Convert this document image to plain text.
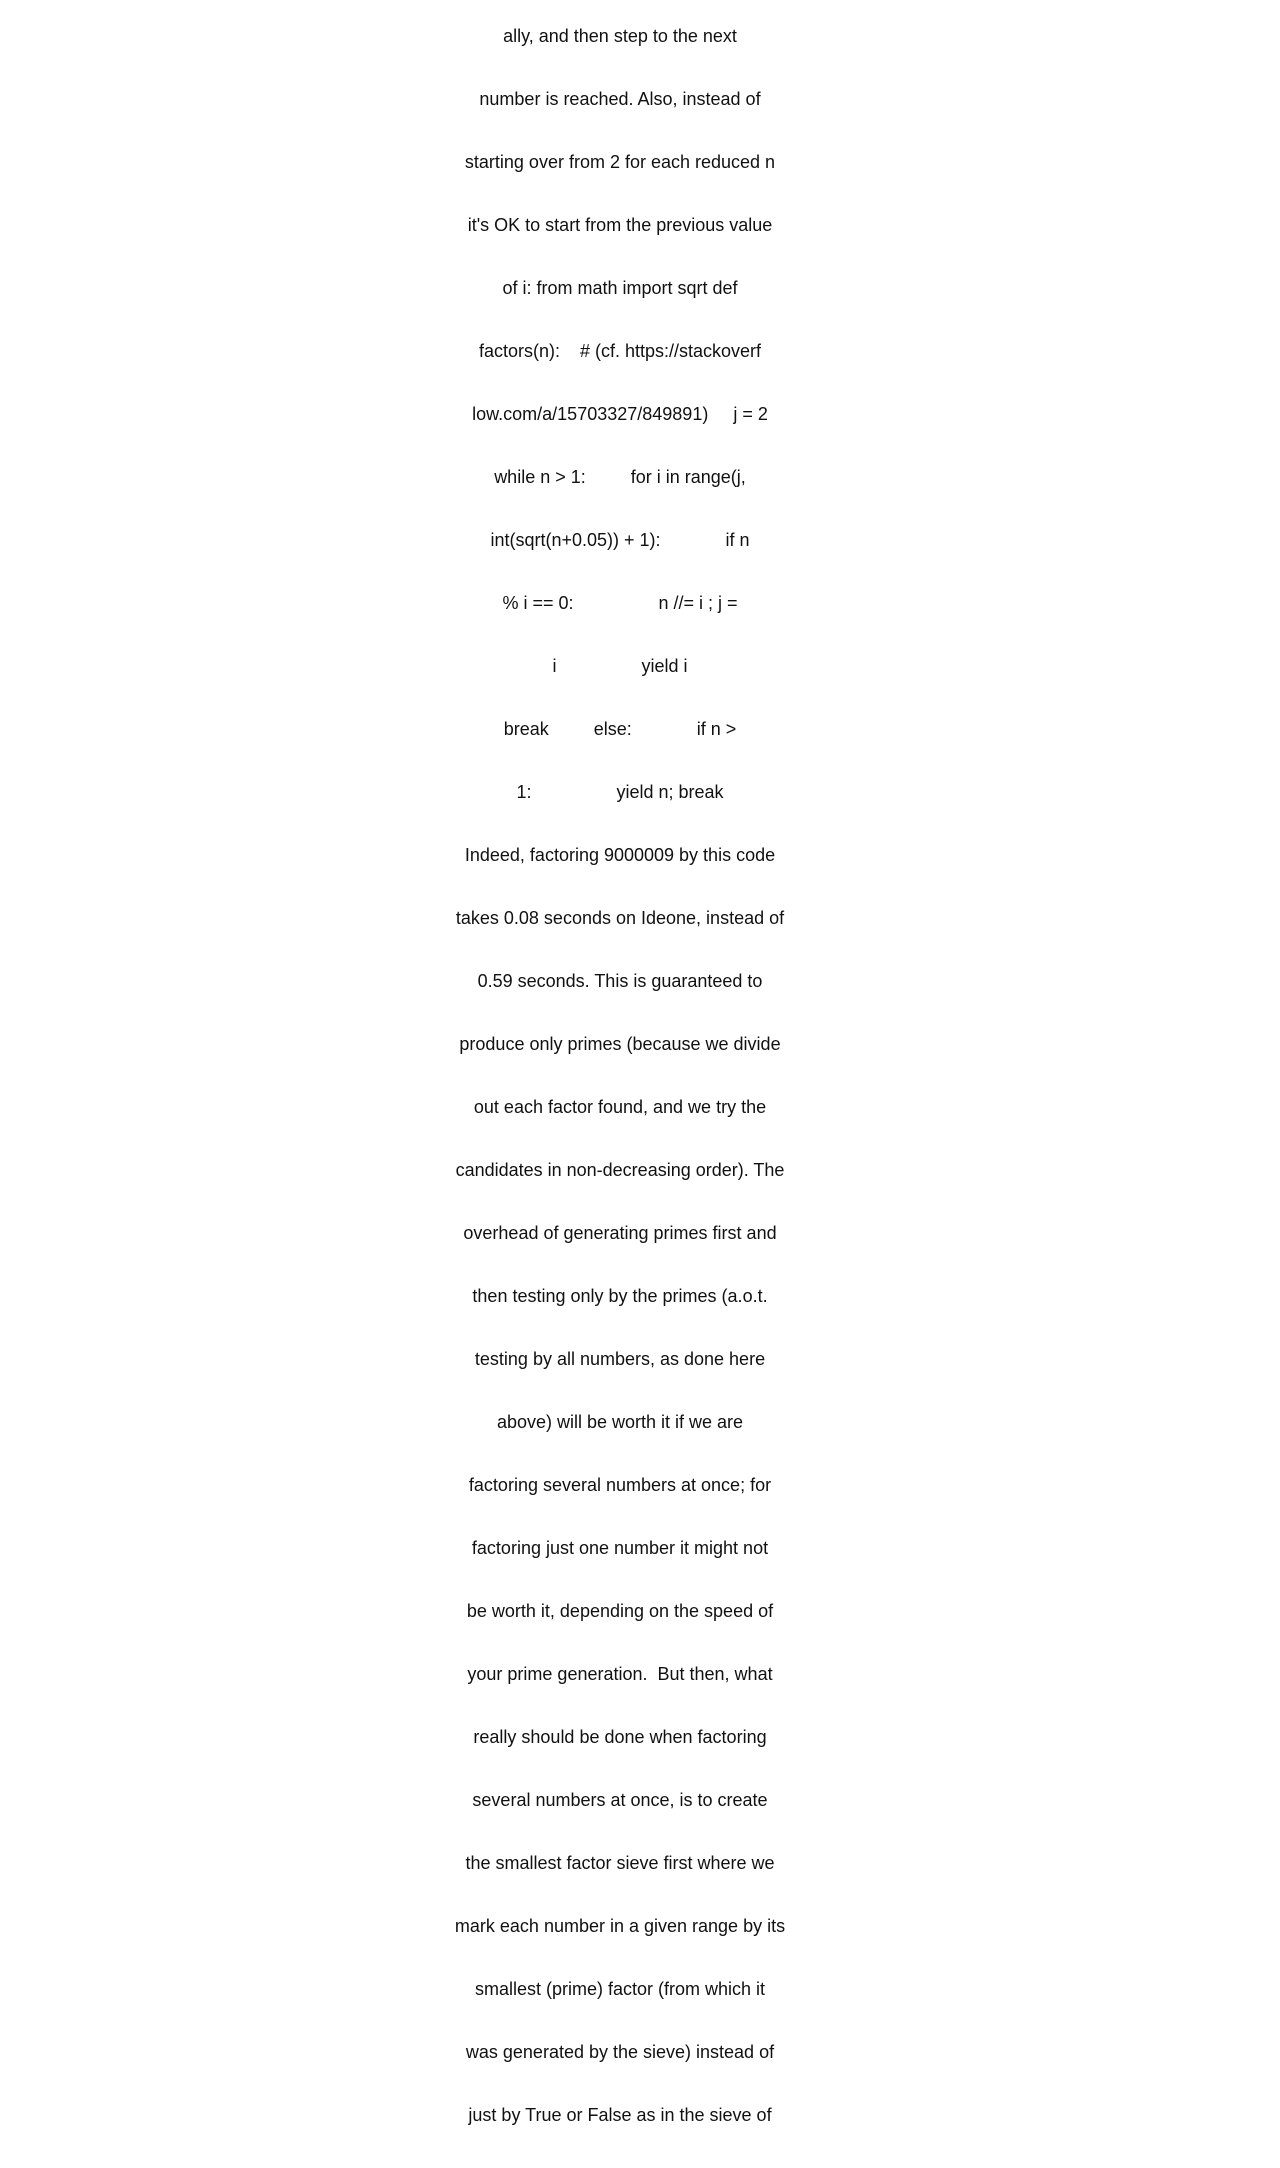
ally, and then step to the next

number is reached. Also, instead of

starting over from 2 for each reduced n

it's OK to start from the previous value

of i: from math import sqrt def

factors(n):    # (cf. https://stackoverf

low.com/a/15703327/849891)     j = 2

while n > 1:         for i in range(j,

int(sqrt(n+0.05)) + 1):             if n

% i == 0:                 n //= i ; j =

i                 yield i

break         else:             if n >

1:                 yield n; break

Indeed, factoring 9000009 by this code

takes 0.08 seconds on Ideone, instead of

0.59 seconds. This is guaranteed to

produce only primes (because we divide

out each factor found, and we try the

candidates in non-decreasing order). The

overhead of generating primes first and

then testing only by the primes (a.o.t.

testing by all numbers, as done here

above) will be worth it if we are

factoring several numbers at once; for

factoring just one number it might not

be worth it, depending on the speed of

your prime generation.  But then, what

really should be done when factoring

several numbers at once, is to create

the smallest factor sieve first where we

mark each number in a given range by its

smallest (prime) factor (from which it

was generated by the sieve) instead of

just by True or False as in the sieve of
